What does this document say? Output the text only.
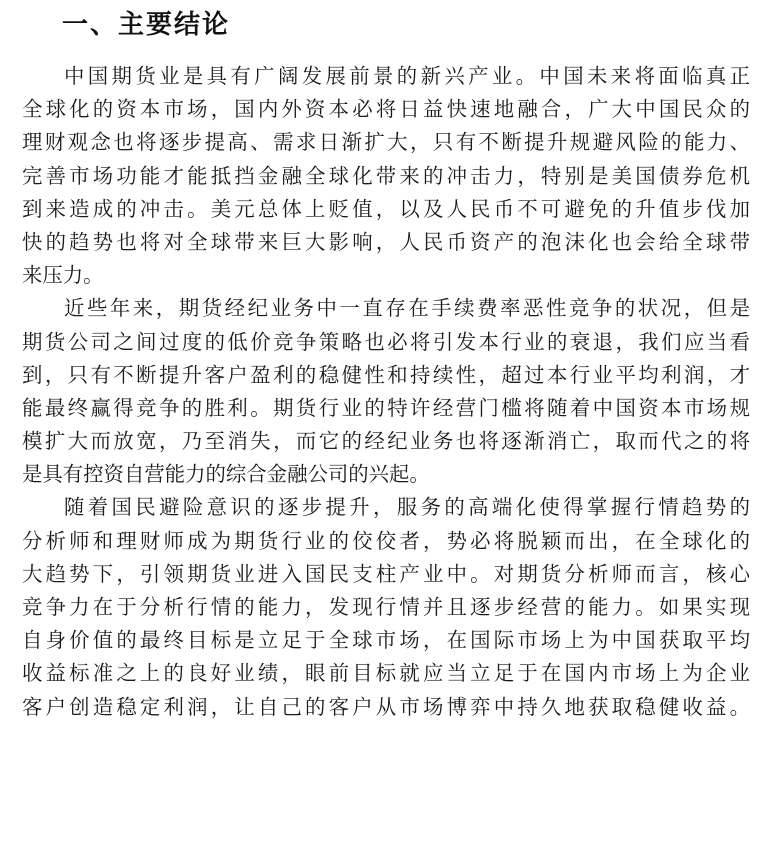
一、主要结论
中国期货业是具有广阔发展前景的新兴产业。中国未来将面临真正
全球化的资本市场，国内外资本必将日益快速地融合，广大中国民众的
理财观念也将逐步提高、需求日渐扩大，只有不断提升规避风险的能力、
完善市场功能才能抵挡金融全球化带来的冲击力，特别是美国债券危机
到来造成的冲击。美元总体上贬值，以及人民币不可避免的升值步伐加
快的趋势也将对全球带来巨大影响，人民币资产的泡沫化也会给全球带
来压力。
近些年来，期货经纪业务中一直存在手续费率恶性竞争的状况，但是
期货公司之间过度的低价竞争策略也必将引发本行业的衰退，我们应当看
到，只有不断提升客户盈利的稳健性和持续性，超过本行业平均利润，才
能最终赢得竞争的胜利。期货行业的特许经营门槛将随着中国资本市场规
模扩大而放宽，乃至消失，而它的经纪业务也将逐渐消亡，取而代之的将
是具有控资自营能力的综合金融公司的兴起。
随着国民避险意识的逐步提升，服务的高端化使得掌握行情趋势的
分析师和理财师成为期货行业的佼佼者，势必将脱颖而出，在全球化的
大趋势下，引领期货业进入国民支柱产业中。对期货分析师而言，核心
竞争力在于分析行情的能力，发现行情并且逐步经营的能力。如果实现
自身价值的最终目标是立足于全球市场，在国际市场上为中国获取平均
收益标准之上的良好业绩，眼前目标就应当立足于在国内市场上为企业
客户创造稳定利润，让自己的客户从市场博弈中持久地获取稳健收益。
